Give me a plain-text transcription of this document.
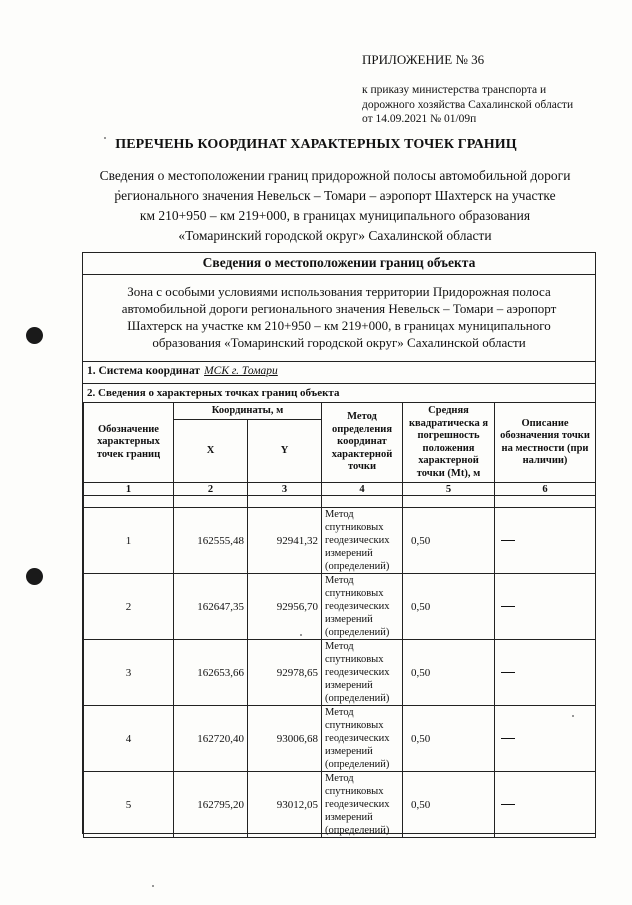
ПРИЛОЖЕНИЕ № 36
к приказу министерства транспорта и
дорожного хозяйства Сахалинской области
от 14.09.2021 № 01/09п
ПЕРЕЧЕНЬ КООРДИНАТ ХАРАКТЕРНЫХ ТОЧЕК ГРАНИЦ
Сведения о местоположении границ придорожной полосы автомобильной дороги
регионального значения Невельск – Томари – аэропорт Шахтерск на участке
км 210+950 – км 219+000, в границах муниципального образования
«Томаринский городской округ» Сахалинской области
Сведения о местоположении границ объекта
Зона с особыми условиями использования территории Придорожная полоса
автомобильной дороги регионального значения Невельск – Томари – аэропорт
Шахтерск на участке км 210+950 – км 219+000, в границах муниципального
образования «Томаринский городской округ» Сахалинской области
1. Система координат МСК г. Томари
2. Сведения о характерных точках границ объекта
Обозначение характерных точек границ	Координаты, м		Метод определения координат характерной точки	Средняя квадратическа я погрешность положения характерной точки (Mt), м	Описание обозначения точки на местности (при наличии)
	X	Y			
1	2	3	4	5	6

1	162555,48	92941,32	Метод спутниковых геодезических измерений (определений)	0,50	
2	162647,35	92956,70	Метод спутниковых геодезических измерений (определений)	0,50	
3	162653,66	92978,65	Метод спутниковых геодезических измерений (определений)	0,50	
4	162720,40	93006,68	Метод спутниковых геодезических измерений (определений)	0,50	
5	162795,20	93012,05	Метод спутниковых геодезических измерений (определений)	0,50	
